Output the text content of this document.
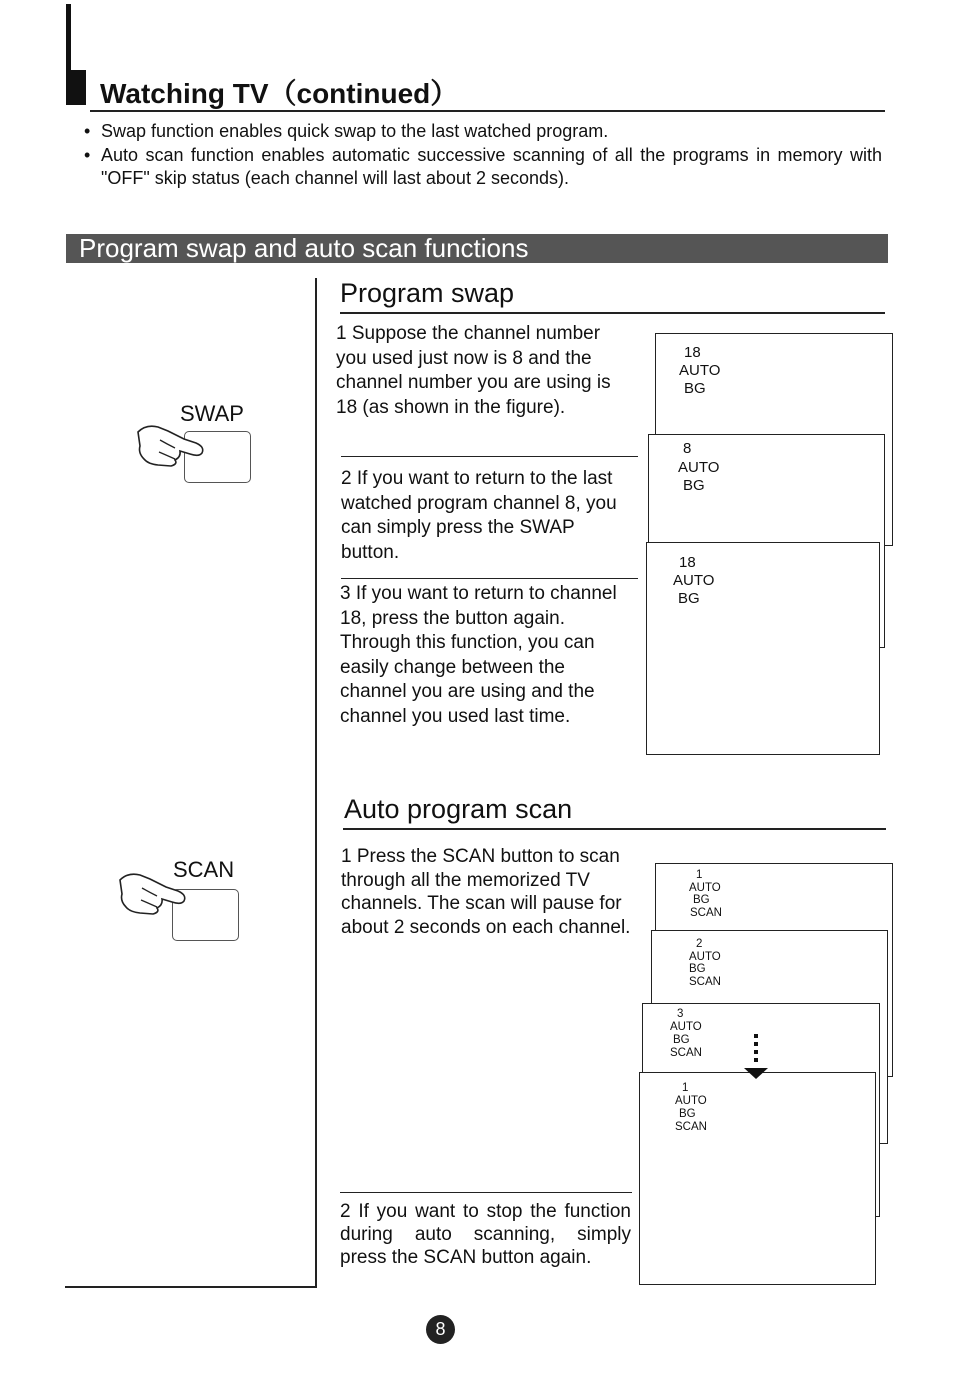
Watching TV（continued）
• Swap function enables quick swap to the last watched program.
• Auto scan function enables automatic successive scanning of all the programs in memory with "OFF" skip status (each channel will last about 2 seconds).
Program swap and auto scan functions
SWAP
SCAN
Program swap
1 Suppose the channel number you used just now is 8 and the channel number you are using is 18 (as shown in the figure).
2 If you want to return to the last watched program channel 8, you can simply press the SWAP button.
3 If you want to return to channel 18, press the button again. Through this function, you can easily change between the channel you are using and the channel you used last time.
18
AUTO
BG
8
AUTO
BG
18
AUTO
BG
Auto program scan
1 Press the SCAN button to scan through all the memorized TV channels. The scan will pause for about 2 seconds on each channel.
2 If you want to stop the function during auto scanning, simply press the SCAN button again.
1
AUTO
BG
SCAN
2
AUTO
BG
SCAN
3
AUTO
BG
SCAN
1
AUTO
BG
SCAN
8
